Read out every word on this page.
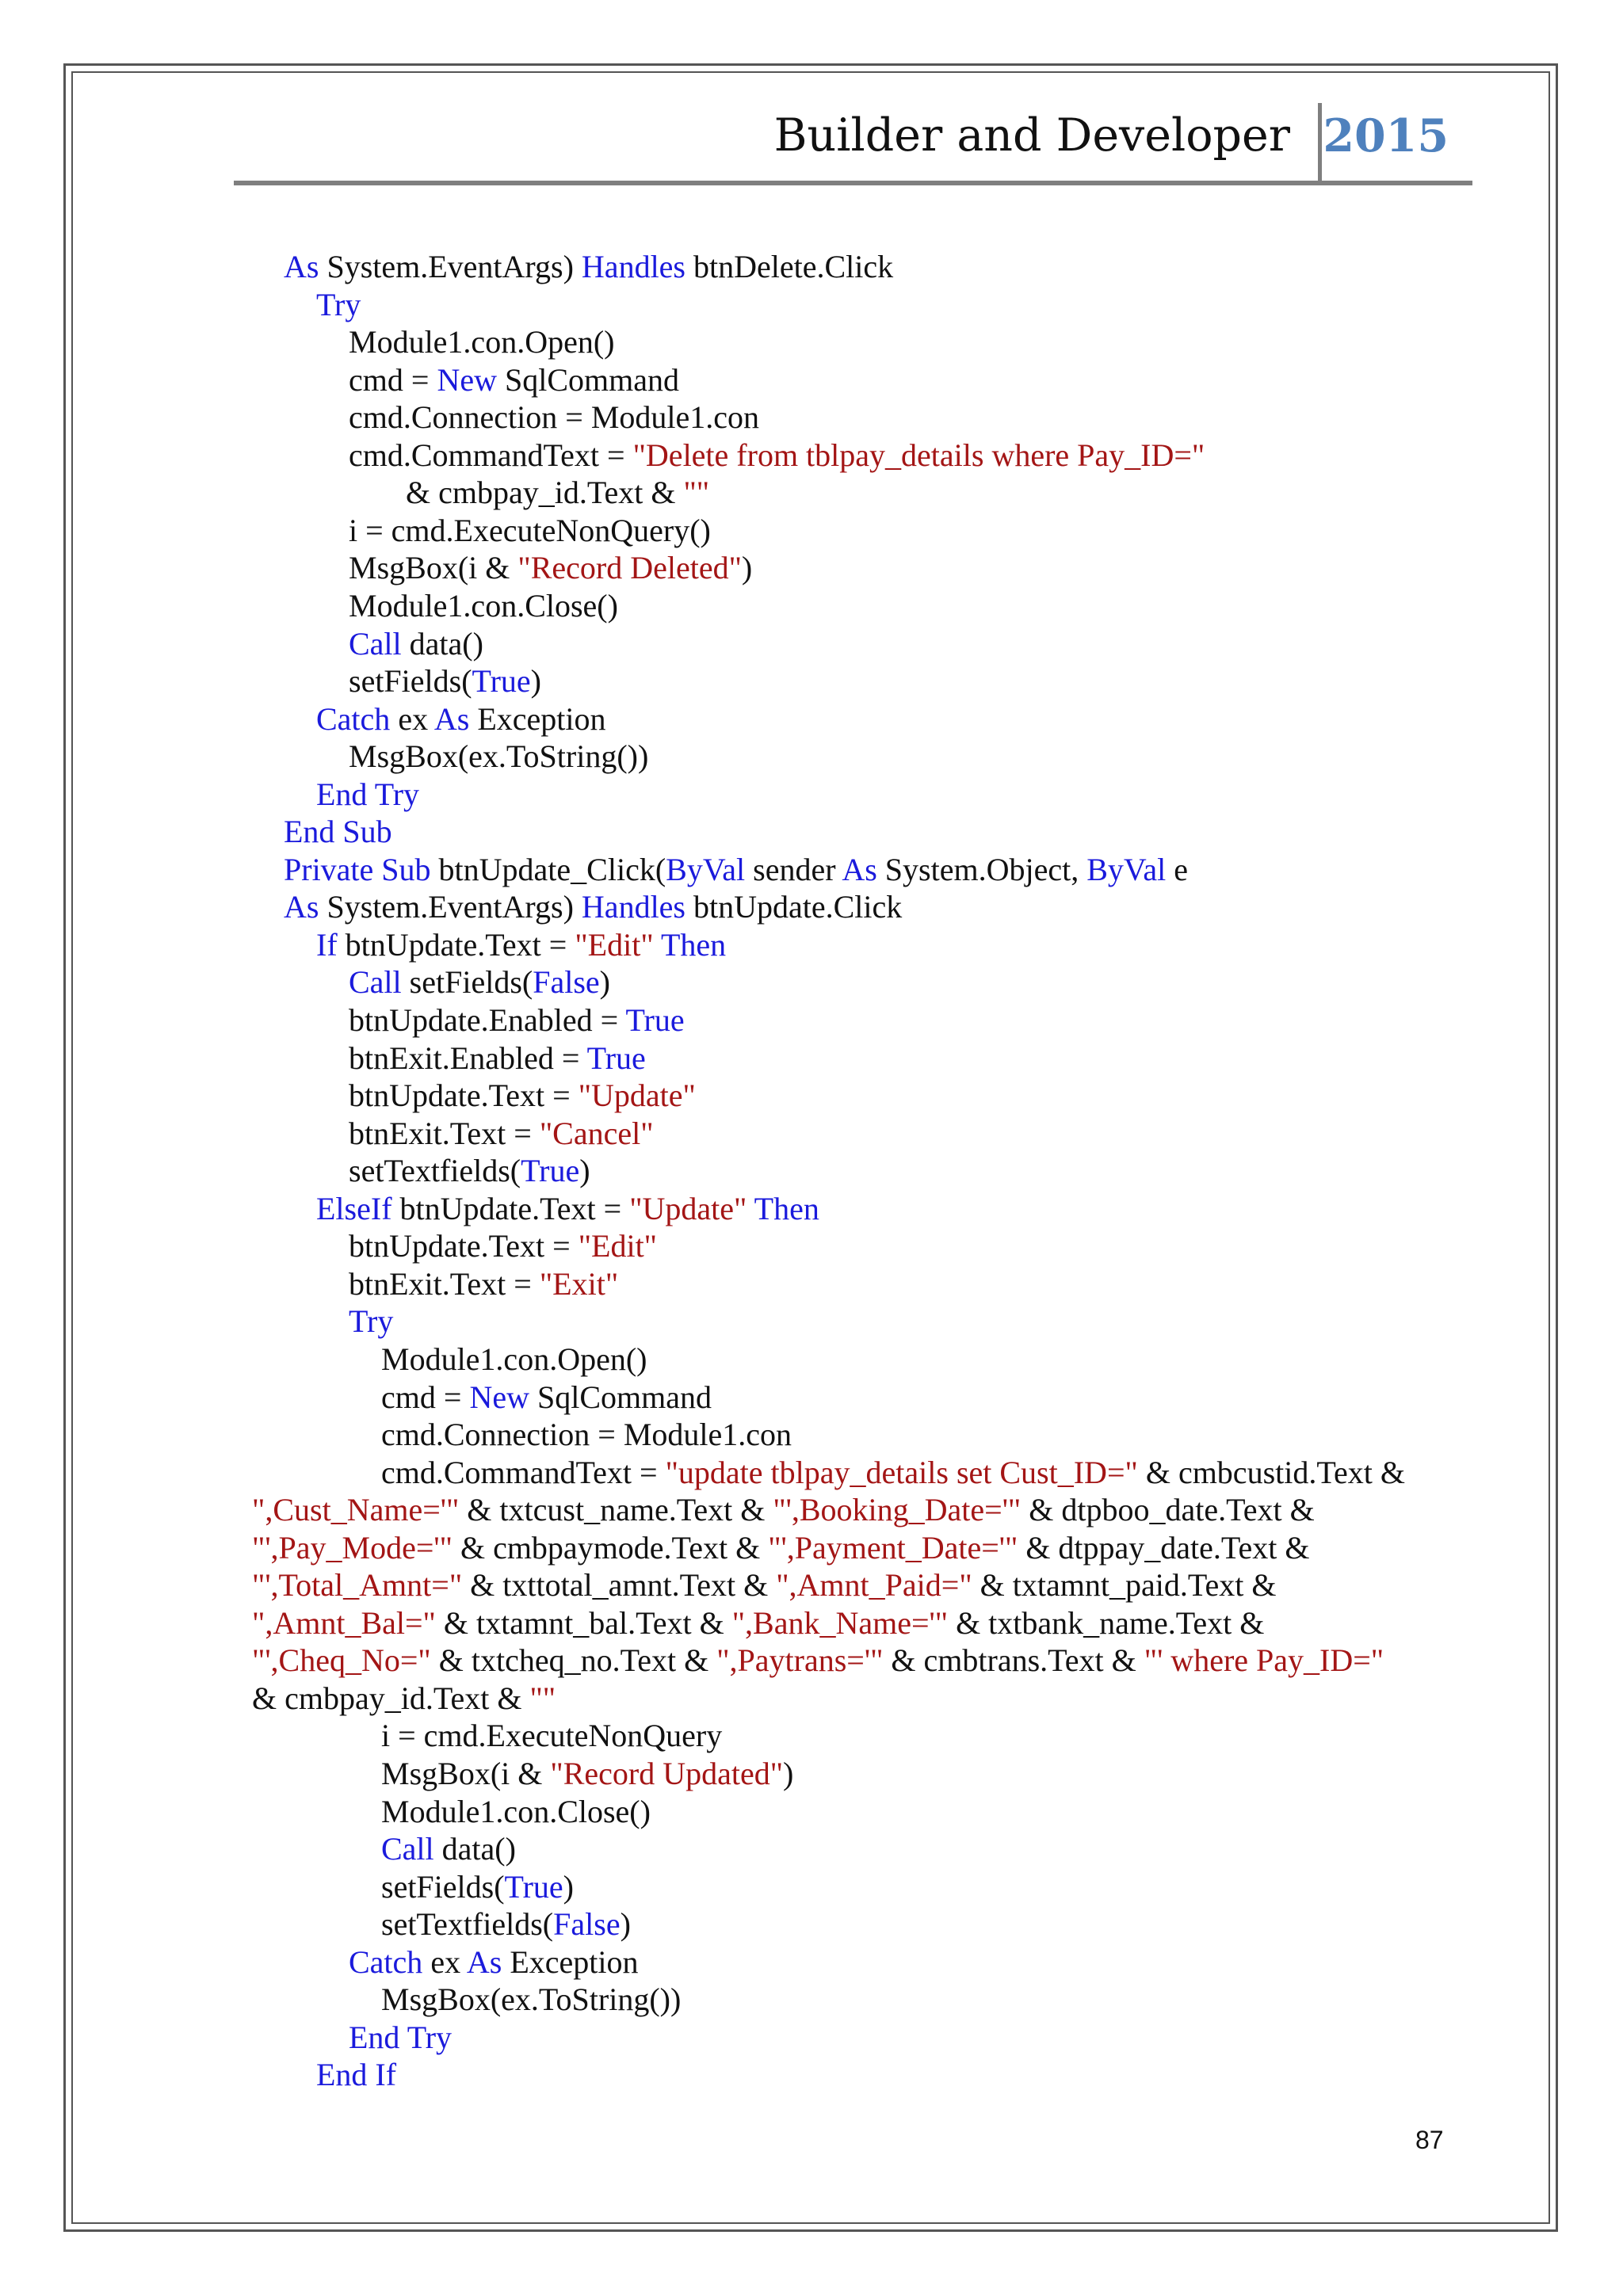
Builder and Developer 2015
As System.EventArgs) Handles btnDelete.Click
Try
Module1.con.Open()
cmd = New SqlCommand
cmd.Connection = Module1.con
cmd.CommandText = "Delete from tblpay_details where Pay_ID="
& cmbpay_id.Text & ""
i = cmd.ExecuteNonQuery()
MsgBox(i & "Record Deleted")
Module1.con.Close()
Call data()
setFields(True)
Catch ex As Exception
MsgBox(ex.ToString())
End Try
End Sub
Private Sub btnUpdate_Click(ByVal sender As System.Object, ByVal e
As System.EventArgs) Handles btnUpdate.Click
If btnUpdate.Text = "Edit" Then
Call setFields(False)
btnUpdate.Enabled = True
btnExit.Enabled = True
btnUpdate.Text = "Update"
btnExit.Text = "Cancel"
setTextfields(True)
ElseIf btnUpdate.Text = "Update" Then
btnUpdate.Text = "Edit"
btnExit.Text = "Exit"
Try
Module1.con.Open()
cmd = New SqlCommand
cmd.Connection = Module1.con
cmd.CommandText = "update tblpay_details set Cust_ID=" & cmbcustid.Text &
",Cust_Name='" & txtcust_name.Text & "',Booking_Date='" & dtpboo_date.Text &
"',Pay_Mode='" & cmbpaymode.Text & "',Payment_Date='" & dtppay_date.Text &
"',Total_Amnt=" & txttotal_amnt.Text & ",Amnt_Paid=" & txtamnt_paid.Text &
",Amnt_Bal=" & txtamnt_bal.Text & ",Bank_Name='" & txtbank_name.Text &
"',Cheq_No=" & txtcheq_no.Text & ",Paytrans='" & cmbtrans.Text & "' where Pay_ID="
& cmbpay_id.Text & ""
i = cmd.ExecuteNonQuery
MsgBox(i & "Record Updated")
Module1.con.Close()
Call data()
setFields(True)
setTextfields(False)
Catch ex As Exception
MsgBox(ex.ToString())
End Try
End If
87
